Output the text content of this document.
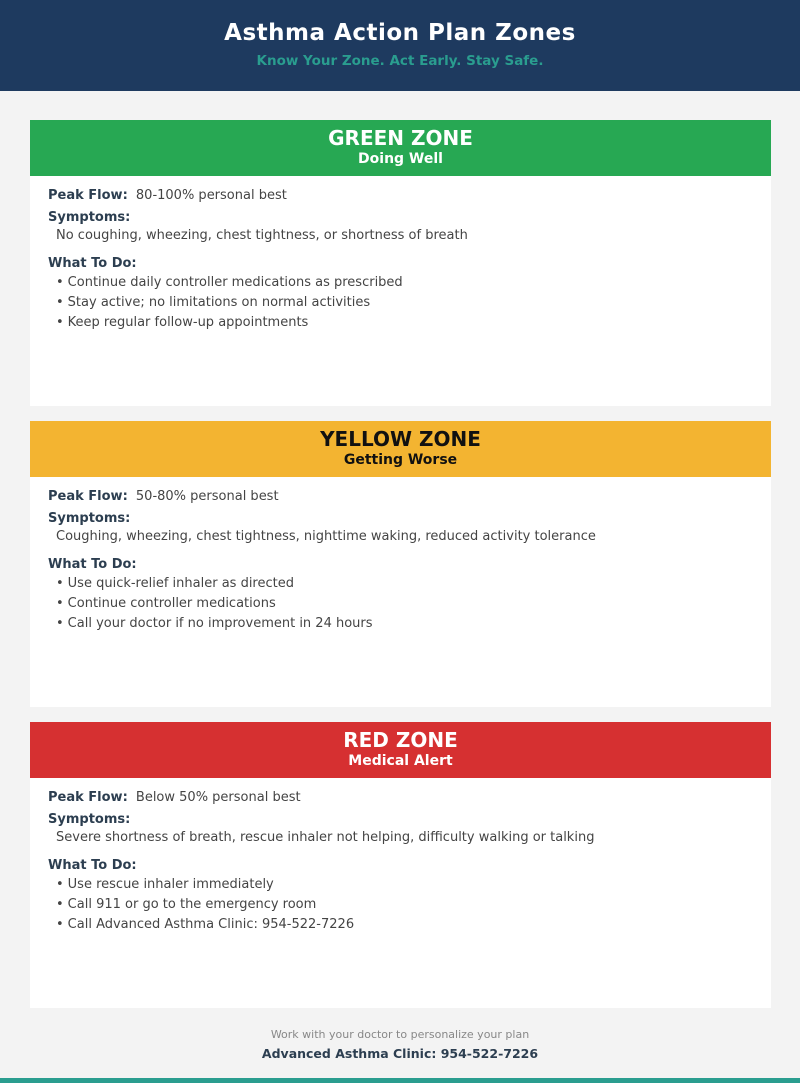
Asthma Action Plan Zones
Know Your Zone. Act Early. Stay Safe.
GREEN ZONE
Doing Well
Peak Flow: 80-100% personal best
Symptoms:
No coughing, wheezing, chest tightness, or shortness of breath
What To Do:
• Continue daily controller medications as prescribed
• Stay active; no limitations on normal activities
• Keep regular follow-up appointments
YELLOW ZONE
Getting Worse
Peak Flow: 50-80% personal best
Symptoms:
Coughing, wheezing, chest tightness, nighttime waking, reduced activity tolerance
What To Do:
• Use quick-relief inhaler as directed
• Continue controller medications
• Call your doctor if no improvement in 24 hours
RED ZONE
Medical Alert
Peak Flow: Below 50% personal best
Symptoms:
Severe shortness of breath, rescue inhaler not helping, difficulty walking or talking
What To Do:
• Use rescue inhaler immediately
• Call 911 or go to the emergency room
• Call Advanced Asthma Clinic: 954-522-7226
Work with your doctor to personalize your plan
Advanced Asthma Clinic: 954-522-7226
